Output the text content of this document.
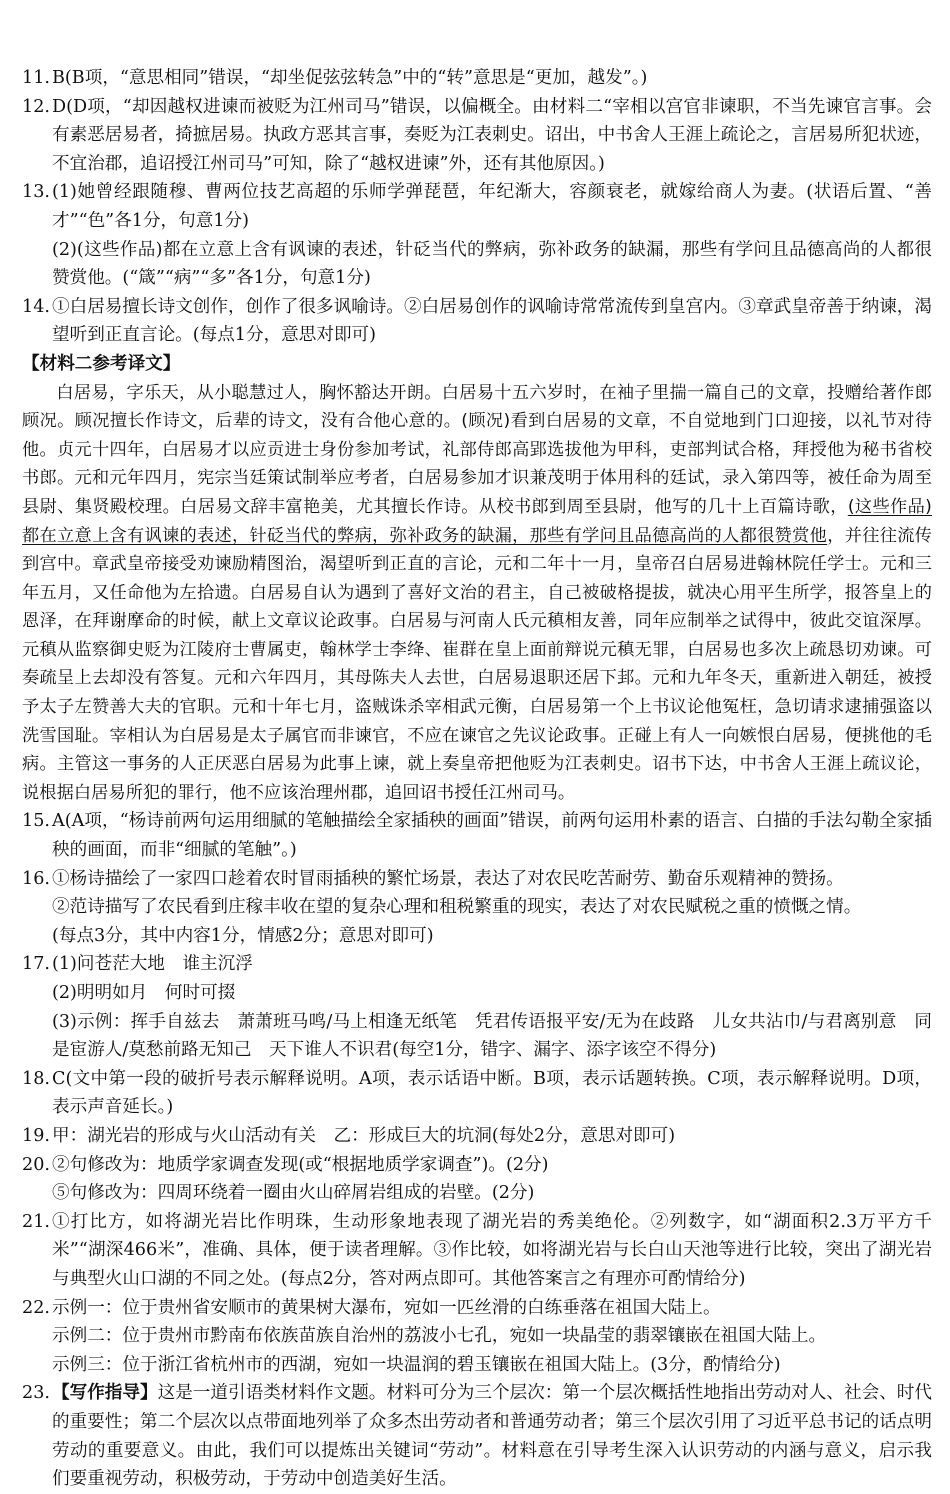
11. B(B项，“意思相同”错误，“却坐促弦弦转急”中的“转”意思是“更加，越发”。)

12. D(D项，“却因越权进谏而被贬为江州司马”错误，以偏概全。由材料二“宰相以宫官非谏职，不当先谏官言事。会有素恶居易者，掎摭居易。执政方恶其言事，奏贬为江表刺史。诏出，中书舍人王涯上疏论之，言居易所犯状迹，不宜治郡，追诏授江州司马”可知，除了“越权进谏”外，还有其他原因。)

13. (1)她曾经跟随穆、曹两位技艺高超的乐师学弹琵琶，年纪渐大，容颜衰老，就嫁给商人为妻。(状语后置、“善才”“色”各1分，句意1分)

(2)(这些作品)都在立意上含有讽谏的表述，针砭当代的弊病，弥补政务的缺漏，那些有学问且品德高尚的人都很赞赏他。(“箴”“病”“多”各1分，句意1分)

14. ①白居易擅长诗文创作，创作了很多讽喻诗。②白居易创作的讽喻诗常常流传到皇宫内。③章武皇帝善于纳谏，渴望听到正直言论。(每点1分，意思对即可)

【材料二参考译文】

白居易，字乐天，从小聪慧过人，胸怀豁达开朗。白居易十五六岁时，在袖子里揣一篇自己的文章，投赠给著作郎顾况。顾况擅长作诗文，后辈的诗文，没有合他心意的。(顾况)看到白居易的文章，不自觉地到门口迎接，以礼节对待他。贞元十四年，白居易才以应贡进士身份参加考试，礼部侍郎高郢选拔他为甲科，吏部判试合格，拜授他为秘书省校书郎。元和元年四月，宪宗当廷策试制举应考者，白居易参加才识兼茂明于体用科的廷试，录入第四等，被任命为周至县尉、集贤殿校理。白居易文辞丰富艳美，尤其擅长作诗。从校书郎到周至县尉，他写的几十上百篇诗歌，(这些作品)都在立意上含有讽谏的表述，针砭当代的弊病，弥补政务的缺漏，那些有学问且品德高尚的人都很赞赏他，并往往流传到宫中。章武皇帝接受劝谏励精图治，渴望听到正直的言论，元和二年十一月，皇帝召白居易进翰林院任学士。元和三年五月，又任命他为左拾遗。白居易自认为遇到了喜好文治的君主，自己被破格提拔，就决心用平生所学，报答皇上的恩泽，在拜谢摩命的时候，献上文章议论政事。白居易与河南人氏元稹相友善，同年应制举之试得中，彼此交谊深厚。元稹从监察御史贬为江陵府士曹属吏，翰林学士李绛、崔群在皇上面前辩说元稹无罪，白居易也多次上疏恳切劝谏。可奏疏呈上去却没有答复。元和六年四月，其母陈夫人去世，白居易退职还居下邽。元和九年冬天，重新进入朝廷，被授予太子左赞善大夫的官职。元和十年七月，盗贼诛杀宰相武元衡，白居易第一个上书议论他冤枉，急切请求逮捕强盗以洗雪国耻。宰相认为白居易是太子属官而非谏官，不应在谏官之先议论政事。正碰上有人一向嫉恨白居易，便挑他的毛病。主管这一事务的人正厌恶白居易为此事上谏，就上奏皇帝把他贬为江表刺史。诏书下达，中书舍人王涯上疏议论，说根据白居易所犯的罪行，他不应该治理州郡，追回诏书授任江州司马。

15. A(A项，“杨诗前两句运用细腻的笔触描绘全家插秧的画面”错误，前两句运用朴素的语言、白描的手法勾勒全家插秧的画面，而非“细腻的笔触”。)

16. ①杨诗描绘了一家四口趁着农时冒雨插秧的繁忙场景，表达了对农民吃苦耐劳、勤奋乐观精神的赞扬。

②范诗描写了农民看到庄稼丰收在望的复杂心理和租税繁重的现实，表达了对农民赋税之重的愤慨之情。

(每点3分，其中内容1分，情感2分；意思对即可)

17. (1)问苍茫大地　谁主沉浮

(2)明明如月　何时可掇

(3)示例：挥手自兹去　萧萧班马鸣/马上相逢无纸笔　凭君传语报平安/无为在歧路　儿女共沾巾/与君离别意　同是宦游人/莫愁前路无知己　天下谁人不识君(每空1分，错字、漏字、添字该空不得分)

18. C(文中第一段的破折号表示解释说明。A项，表示话语中断。B项，表示话题转换。C项，表示解释说明。D项，表示声音延长。)

19. 甲：湖光岩的形成与火山活动有关　乙：形成巨大的坑洞(每处2分，意思对即可)

20. ②句修改为：地质学家调查发现(或“根据地质学家调查”)。(2分)

⑤句修改为：四周环绕着一圈由火山碎屑岩组成的岩壁。(2分)

21. ①打比方，如将湖光岩比作明珠，生动形象地表现了湖光岩的秀美绝伦。②列数字，如“湖面积2.3万平方千米”“湖深466米”，准确、具体，便于读者理解。③作比较，如将湖光岩与长白山天池等进行比较，突出了湖光岩与典型火山口湖的不同之处。(每点2分，答对两点即可。其他答案言之有理亦可酌情给分)

22. 示例一：位于贵州省安顺市的黄果树大瀑布，宛如一匹丝滑的白练垂落在祖国大陆上。

示例二：位于贵州市黔南布依族苗族自治州的荔波小七孔，宛如一块晶莹的翡翠镶嵌在祖国大陆上。

示例三：位于浙江省杭州市的西湖，宛如一块温润的碧玉镶嵌在祖国大陆上。(3分，酌情给分)

23. 【写作指导】这是一道引语类材料作文题。材料可分为三个层次：第一个层次概括性地指出劳动对人、社会、时代的重要性；第二个层次以点带面地列举了众多杰出劳动者和普通劳动者；第三个层次引用了习近平总书记的话点明劳动的重要意义。由此，我们可以提炼出关键词“劳动”。材料意在引导考生深入认识劳动的内涵与意义，启示我们要重视劳动，积极劳动，于劳动中创造美好生活。
